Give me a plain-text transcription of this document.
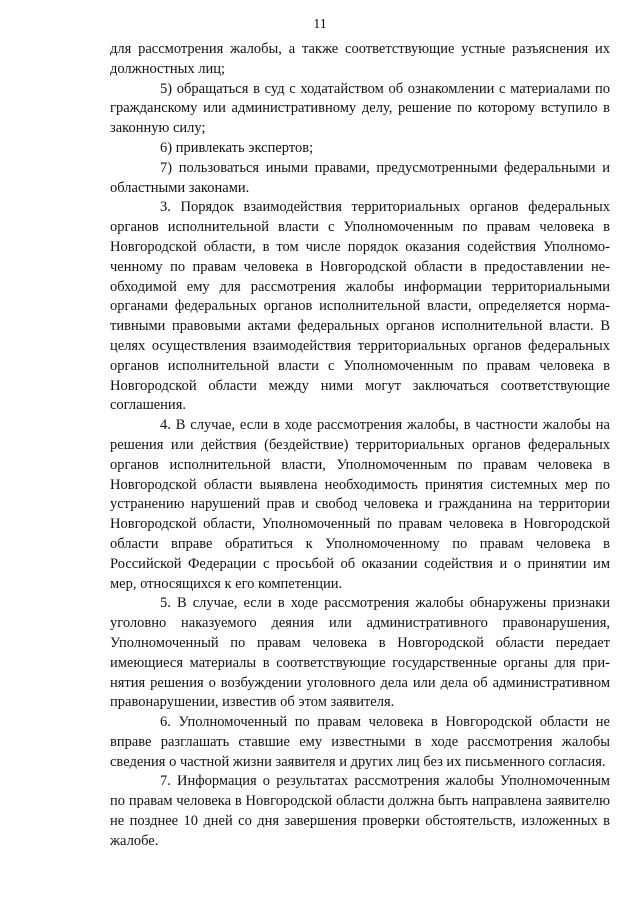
11

для рассмотрения жалобы, а также соответствующие устные разъяснения их должностных лиц;

5) обращаться в суд с ходатайством об ознакомлении с материалами по гражданскому или административному делу, решение по которому вступило в законную силу;

6) привлекать экспертов;

7) пользоваться иными правами, предусмотренными федеральными и областными законами.

3. Порядок взаимодействия территориальных органов федеральных органов исполнительной власти с Уполномоченным по правам человека в Новгородской области, в том числе порядок оказания содействия Уполномоченному по правам человека в Новгородской области в предоставлении необходимой ему для рассмотрения жалобы информации территориальными органами федеральных органов исполнительной власти, определяется нормативными правовыми актами федеральных органов исполнительной власти. В целях осуществления взаимодействия территориальных органов федеральных органов исполнительной власти с Уполномоченным по правам человека в Новгородской области между ними могут заключаться соответствующие соглашения.

4. В случае, если в ходе рассмотрения жалобы, в частности жалобы на решения или действия (бездействие) территориальных органов федеральных органов исполнительной власти, Уполномоченным по правам человека в Новгородской области выявлена необходимость принятия системных мер по устранению нарушений прав и свобод человека и гражданина на территории Новгородской области, Уполномоченный по правам человека в Новгородской области вправе обратиться к Уполномоченному по правам человека в Российской Федерации с просьбой об оказании содействия и о принятии им мер, относящихся к его компетенции.

5. В случае, если в ходе рассмотрения жалобы обнаружены признаки уголовно наказуемого деяния или административного правонарушения, Уполномоченный по правам человека в Новгородской области передает имеющиеся материалы в соответствующие государственные органы для принятия решения о возбуждении уголовного дела или дела об административном правонарушении, известив об этом заявителя.

6. Уполномоченный по правам человека в Новгородской области не вправе разглашать ставшие ему известными в ходе рассмотрения жалобы сведения о частной жизни заявителя и других лиц без их письменного согласия.

7. Информация о результатах рассмотрения жалобы Уполномоченным по правам человека в Новгородской области должна быть направлена заявителю не позднее 10 дней со дня завершения проверки обстоятельств, изложенных в жалобе.
